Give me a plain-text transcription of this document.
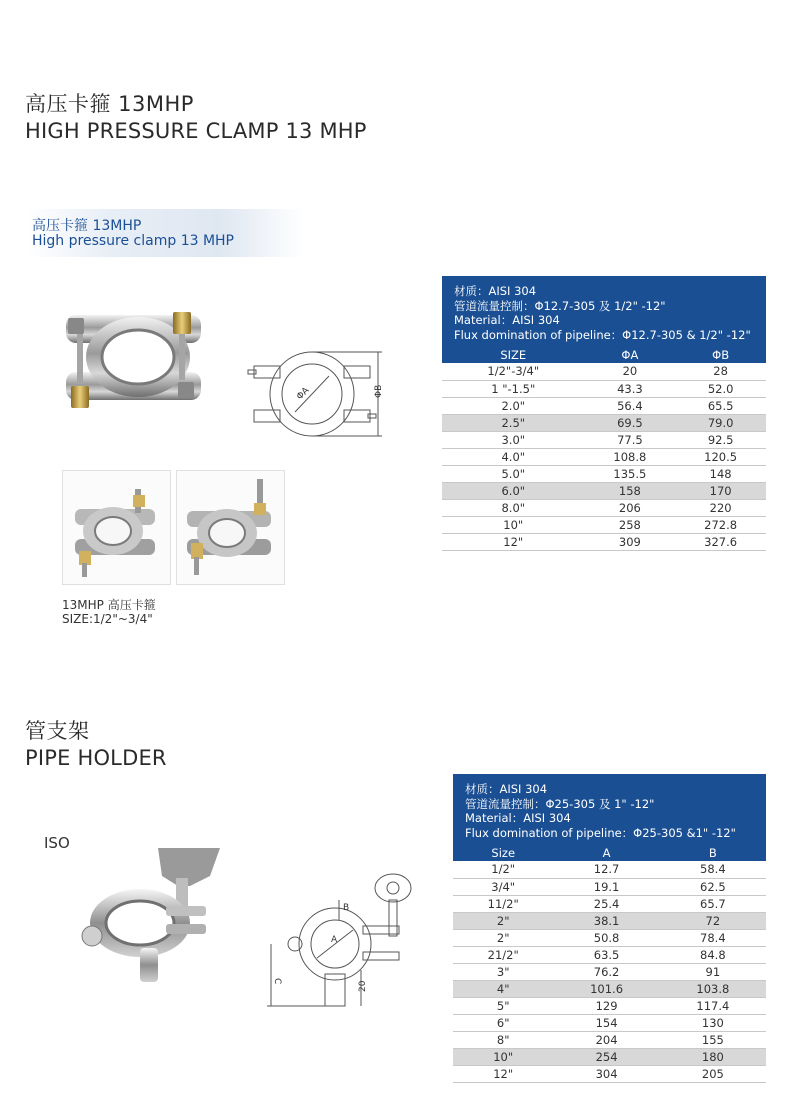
高压卡箍 13MHP
HIGH PRESSURE CLAMP 13 MHP
高压卡箍 13MHP
High pressure clamp 13 MHP
ΦA	ΦB
13MHP 高压卡箍
SIZE:1/2"~3/4"
材质：AISI 304
管道流量控制：Φ12.7-305 及 1/2" -12"
Material：AISI 304
Flux domination of pipeline：Φ12.7-305 & 1/2" -12"
SIZE	ΦA	ΦB
1/2"-3/4"	20	28
1 "-1.5"	43.3	52.0
2.0"	56.4	65.5
2.5"	69.5	79.0
3.0"	77.5	92.5
4.0"	108.8	120.5
5.0"	135.5	148
6.0"	158	170
8.0"	206	220
10"	258	272.8
12"	309	327.6
管支架
PIPE HOLDER
ISO
A
B
C	20
材质：AISI 304
管道流量控制：Φ25-305 及 1" -12"
Material：AISI 304
Flux domination of pipeline：Φ25-305 &1" -12"
Size	A	B
1/2"	12.7	58.4
3/4"	19.1	62.5
11/2"	25.4	65.7
2"	38.1	72
2"	50.8	78.4
21/2"	63.5	84.8
3"	76.2	91
4"	101.6	103.8
5"	129	117.4
6"	154	130
8"	204	155
10"	254	180
12"	304	205
